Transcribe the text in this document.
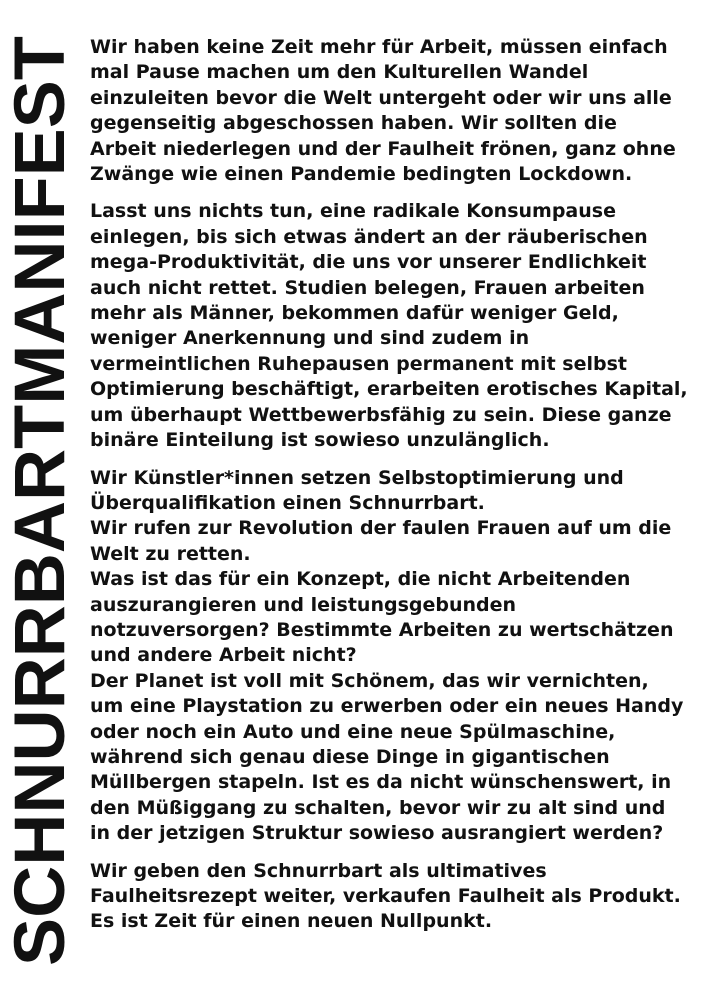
SCHNURRBARTMANIFEST
Wir haben keine Zeit mehr für Arbeit, müssen einfach
mal Pause machen um den Kulturellen Wandel
einzuleiten bevor die Welt untergeht oder wir uns alle
gegenseitig abgeschossen haben. Wir sollten die
Arbeit niederlegen und der Faulheit frönen, ganz ohne
Zwänge wie einen Pandemie bedingten Lockdown.
Lasst uns nichts tun, eine radikale Konsumpause
einlegen, bis sich etwas ändert an der räuberischen
mega-Produktivität, die uns vor unserer Endlichkeit
auch nicht rettet. Studien belegen, Frauen arbeiten
mehr als Männer, bekommen dafür weniger Geld,
weniger Anerkennung und sind zudem in
vermeintlichen Ruhepausen permanent mit selbst
Optimierung beschäftigt, erarbeiten erotisches Kapital,
um überhaupt Wettbewerbsfähig zu sein. Diese ganze
binäre Einteilung ist sowieso unzulänglich.
Wir Künstler*innen setzen Selbstoptimierung und
Überqualifikation einen Schnurrbart.
Wir rufen zur Revolution der faulen Frauen auf um die
Welt zu retten.
Was ist das für ein Konzept, die nicht Arbeitenden
auszurangieren und leistungsgebunden
notzuversorgen? Bestimmte Arbeiten zu wertschätzen
und andere Arbeit nicht?
Der Planet ist voll mit Schönem, das wir vernichten,
um eine Playstation zu erwerben oder ein neues Handy
oder noch ein Auto und eine neue Spülmaschine,
während sich genau diese Dinge in gigantischen
Müllbergen stapeln. Ist es da nicht wünschenswert, in
den Müßiggang zu schalten, bevor wir zu alt sind und
in der jetzigen Struktur sowieso ausrangiert werden?
Wir geben den Schnurrbart als ultimatives
Faulheitsrezept weiter, verkaufen Faulheit als Produkt.
Es ist Zeit für einen neuen Nullpunkt.
